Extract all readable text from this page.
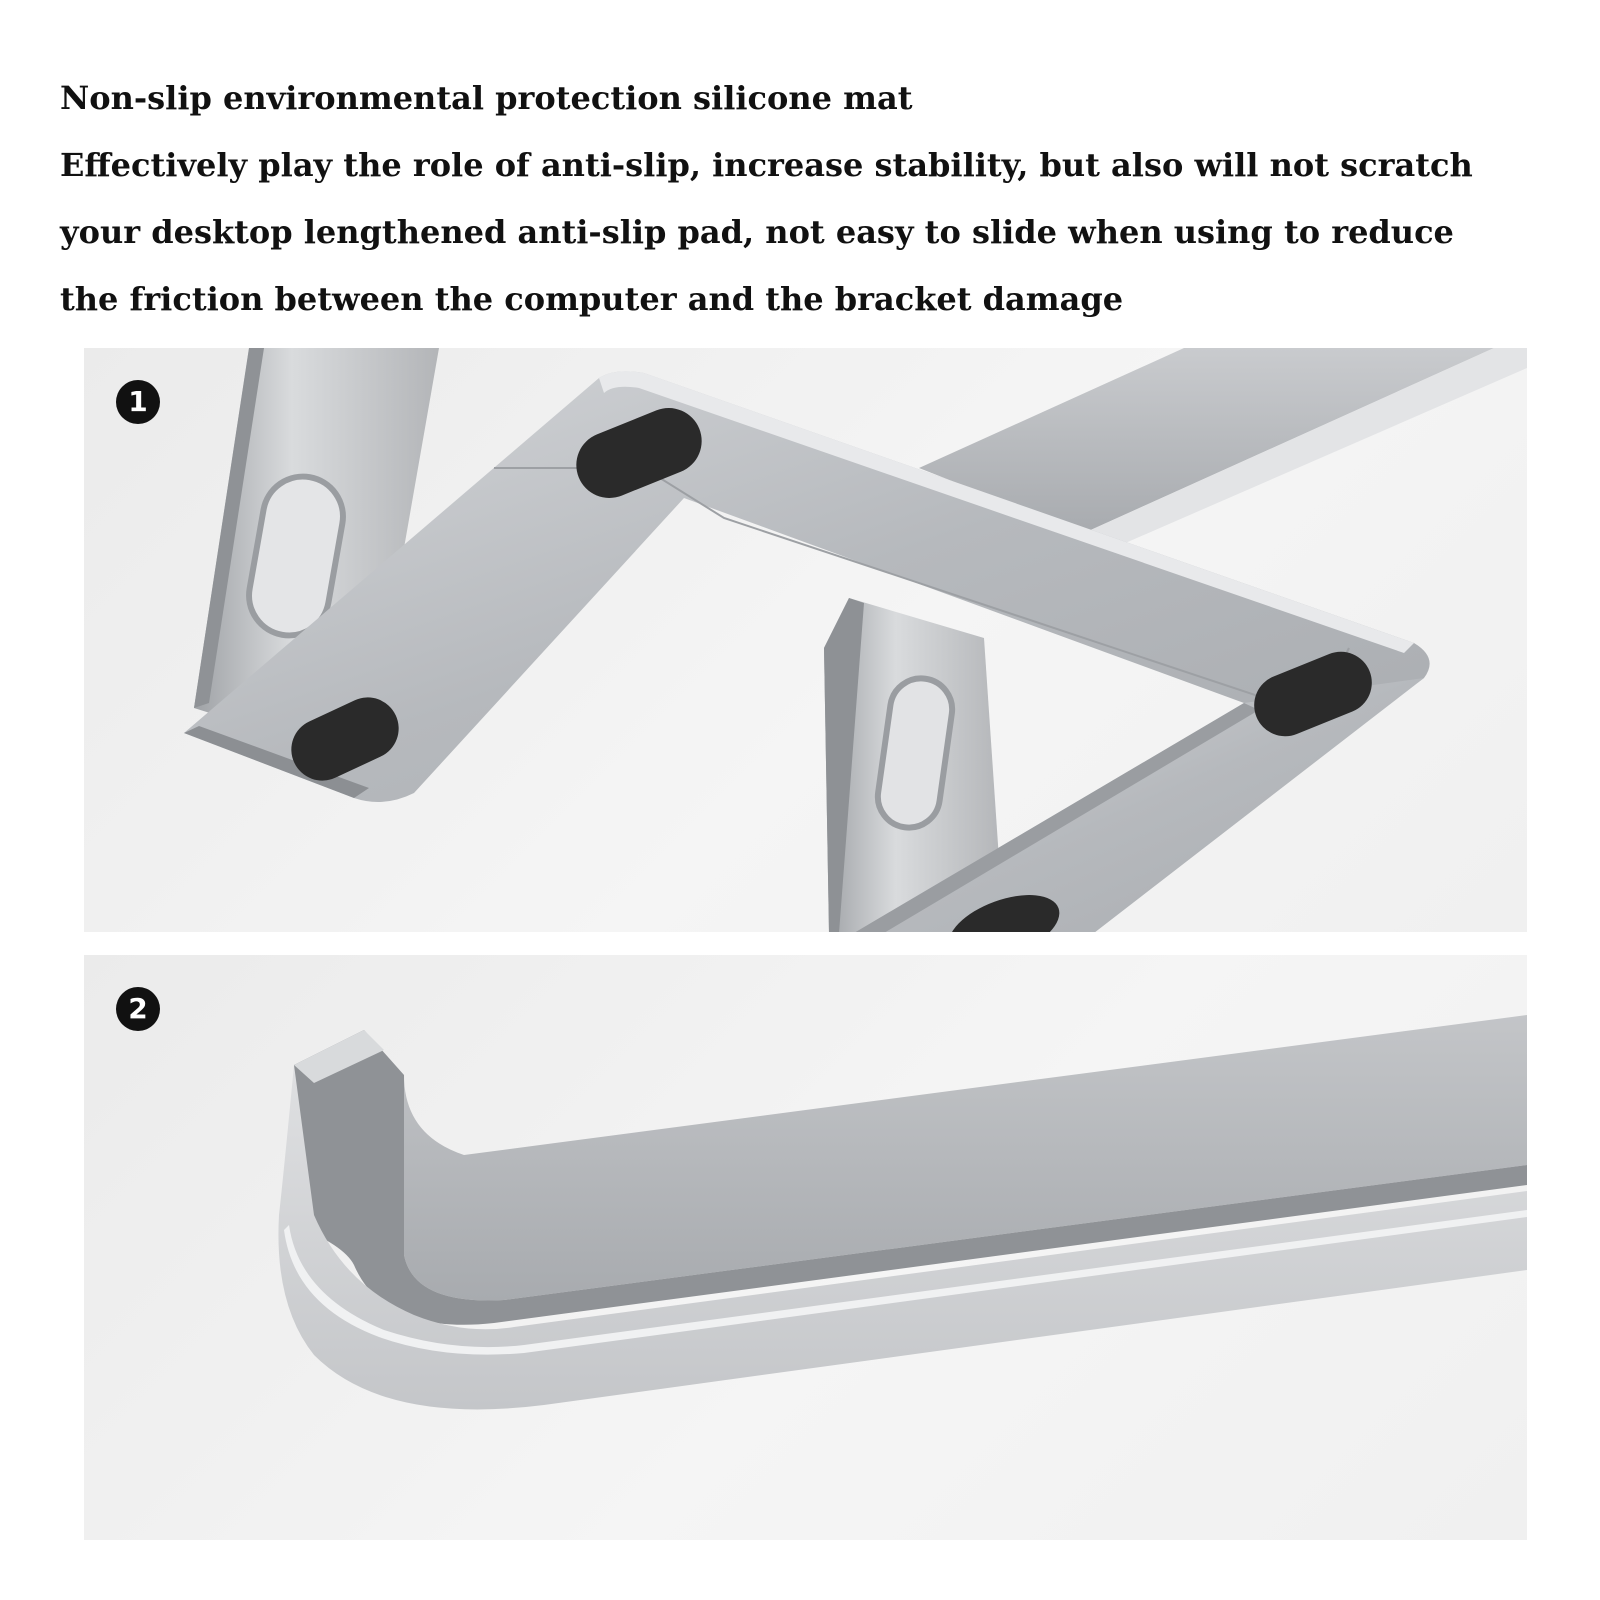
Non-slip environmental protection silicone mat
Effectively play the role of anti-slip, increase stability, but also will not scratch
your desktop lengthened anti-slip pad, not easy to slide when using to reduce
the friction between the computer and the bracket damage
1
2
